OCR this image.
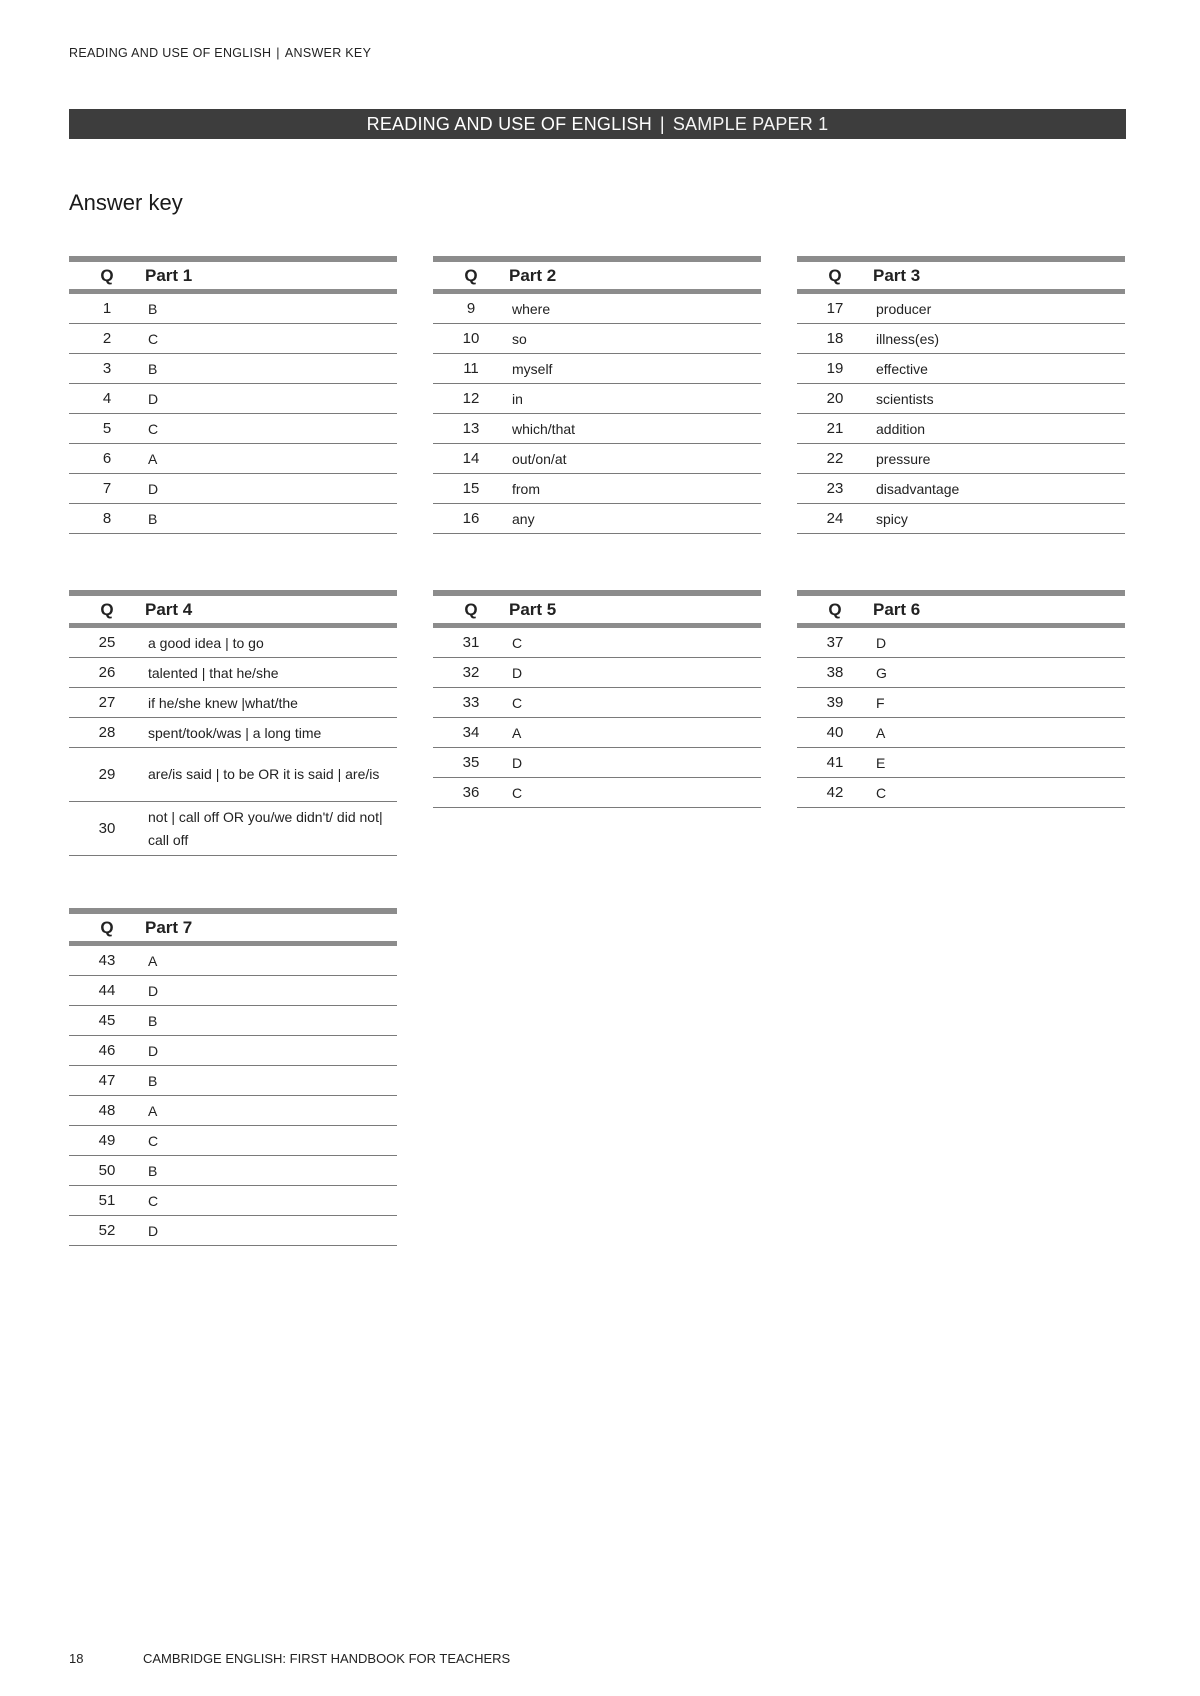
READING AND USE OF ENGLISH | ANSWER KEY
READING AND USE OF ENGLISH | SAMPLE PAPER 1
Answer key
Q	Part 1
1	B
2	C
3	B
4	D
5	C
6	A
7	D
8	B
Q	Part 2
9	where
10	so
11	myself
12	in
13	which/that
14	out/on/at
15	from
16	any
Q	Part 3
17	producer
18	illness(es)
19	effective
20	scientists
21	addition
22	pressure
23	disadvantage
24	spicy
Q	Part 4
25	a good idea | to go
26	talented | that he/she
27	if he/she knew |what/the
28	spent/took/was | a long time
29	are/is said | to be OR it is said | are/is
30	not | call off OR you/we didn't/ did not| call off
Q	Part 5
31	C
32	D
33	C
34	A
35	D
36	C
Q	Part 6
37	D
38	G
39	F
40	A
41	E
42	C
Q	Part 7
43	A
44	D
45	B
46	D
47	B
48	A
49	C
50	B
51	C
52	D
18	CAMBRIDGE ENGLISH: FIRST HANDBOOK FOR TEACHERS
